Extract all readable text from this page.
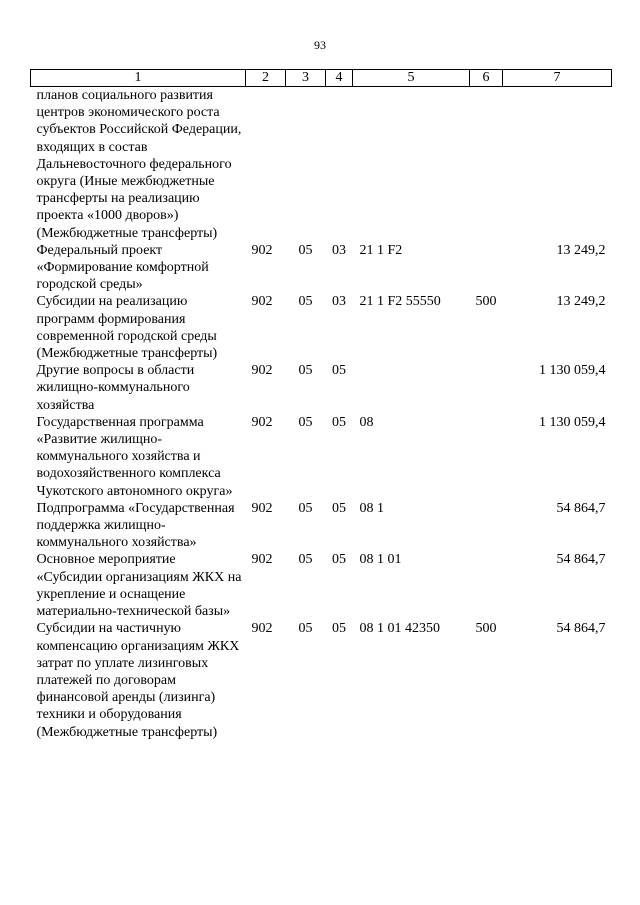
93
1	2	3	4	5	6	7
планов социального развития центров экономического роста субъектов Российской Федерации, входящих в состав Дальневосточного федерального округа (Иные межбюджетные трансферты на реализацию проекта «1000 дворов») (Межбюджетные трансферты)						
Федеральный проект «Формирование комфортной городской среды»	902	05	03	21 1 F2		13 249,2
Субсидии на реализацию программ формирования современной городской среды (Межбюджетные трансферты)	902	05	03	21 1 F2 55550	500	13 249,2
Другие вопросы в области жилищно-коммунального хозяйства	902	05	05			1 130 059,4
Государственная программа «Развитие жилищно-коммунального хозяйства и водохозяйственного комплекса Чукотского автономного округа»	902	05	05	08		1 130 059,4
Подпрограмма «Государственная поддержка жилищно-коммунального хозяйства»	902	05	05	08 1		54 864,7
Основное мероприятие «Субсидии организациям ЖКХ на укрепление и оснащение материально-технической базы»	902	05	05	08 1 01		54 864,7
Субсидии на частичную компенсацию организациям ЖКХ затрат по уплате лизинговых платежей по договорам финансовой аренды (лизинга) техники и оборудования (Межбюджетные трансферты)	902	05	05	08 1 01 42350	500	54 864,7
